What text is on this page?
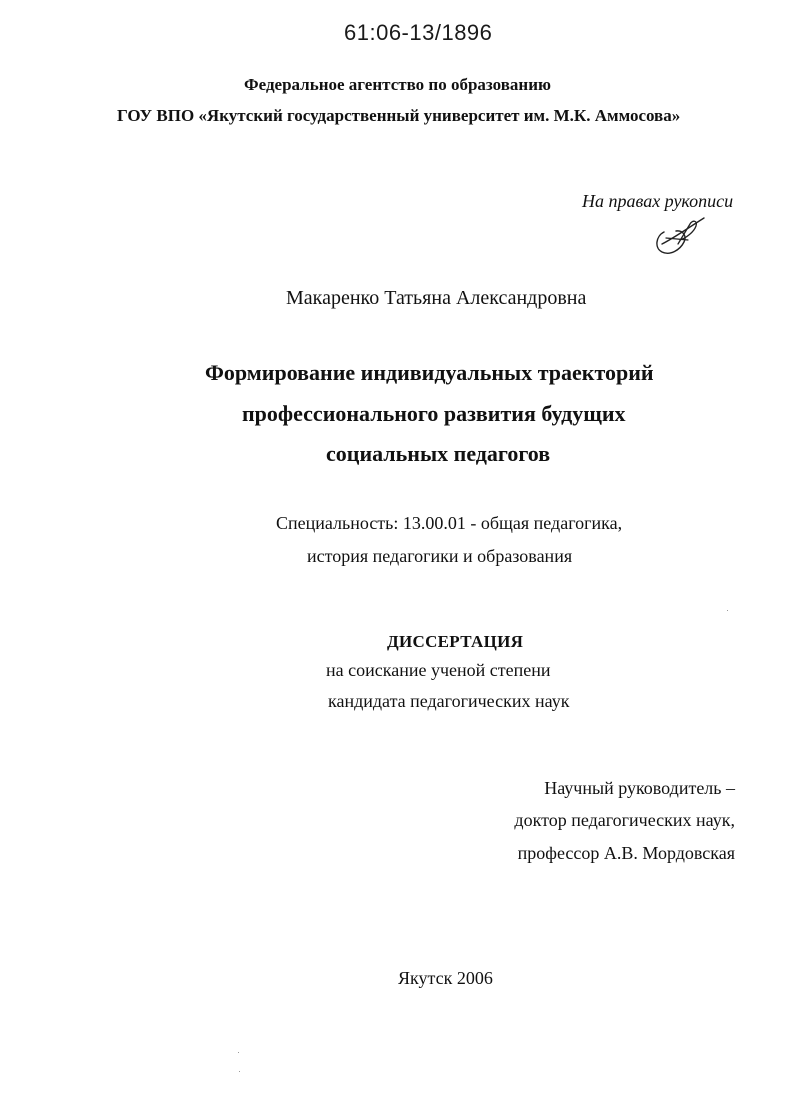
61:06-13/1896
Федеральное агентство по образованию
ГОУ ВПО «Якутский государственный университет им. М.К. Аммосова»
На правах рукописи
Макаренко Татьяна Александровна
Формирование индивидуальных траекторий
профессионального развития будущих
социальных педагогов
Специальность: 13.00.01 - общая педагогика,
история педагогики и образования
ДИССЕРТАЦИЯ
на соискание ученой степени
кандидата педагогических наук
Научный руководитель –
доктор педагогических наук,
профессор А.В. Мордовская
Якутск 2006
